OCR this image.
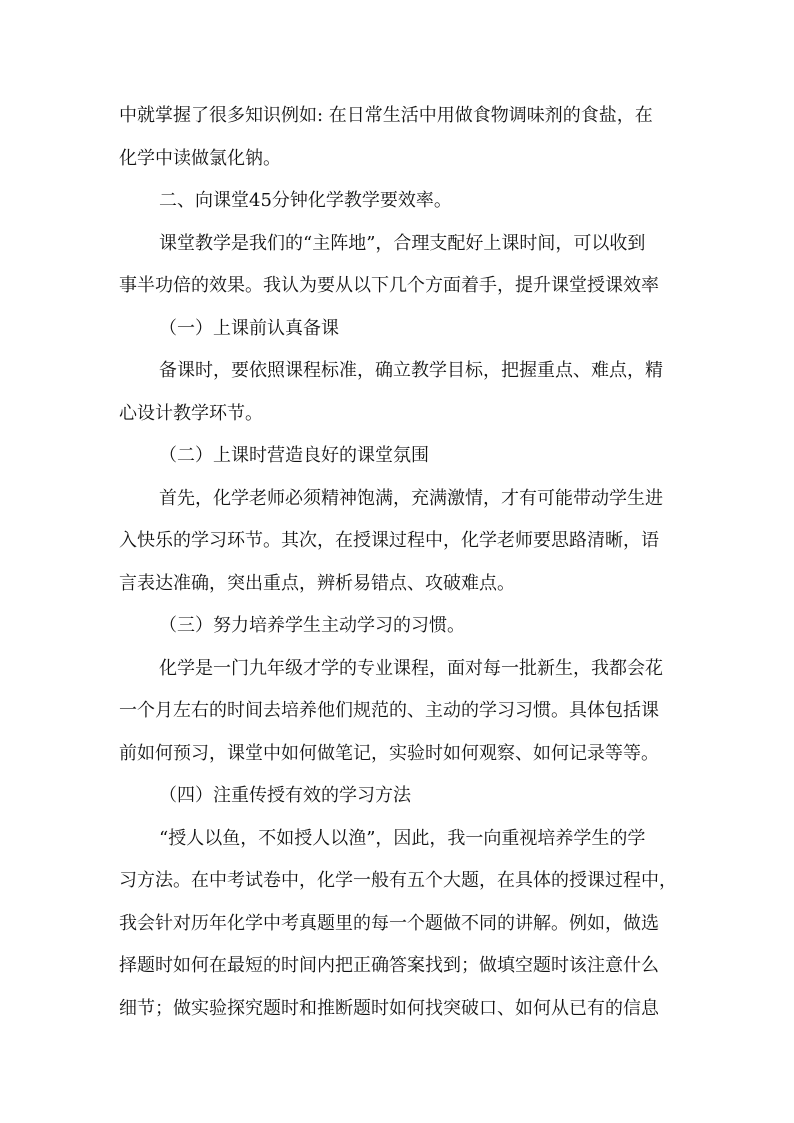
中就掌握了很多知识例如: 在日常生活中用做食物调味剂的食盐，在
化学中读做氯化钠。
二、向课堂45分钟化学教学要效率。
课堂教学是我们的“主阵地”，合理支配好上课时间，可以收到
事半功倍的效果。我认为要从以下几个方面着手，提升课堂授课效率
（一）上课前认真备课
备课时，要依照课程标准，确立教学目标，把握重点、难点，精
心设计教学环节。
（二）上课时营造良好的课堂氛围
首先，化学老师必须精神饱满，充满激情，才有可能带动学生进
入快乐的学习环节。其次，在授课过程中，化学老师要思路清晰，语
言表达准确，突出重点，辨析易错点、攻破难点。
（三）努力培养学生主动学习的习惯。
化学是一门九年级才学的专业课程，面对每一批新生，我都会花
一个月左右的时间去培养他们规范的、主动的学习习惯。具体包括课
前如何预习，课堂中如何做笔记，实验时如何观察、如何记录等等。
（四）注重传授有效的学习方法
“授人以鱼，不如授人以渔”，因此，我一向重视培养学生的学
习方法。在中考试卷中，化学一般有五个大题，在具体的授课过程中，
我会针对历年化学中考真题里的每一个题做不同的讲解。例如，做选
择题时如何在最短的时间内把正确答案找到；做填空题时该注意什么
细节；做实验探究题时和推断题时如何找突破口、如何从已有的信息
